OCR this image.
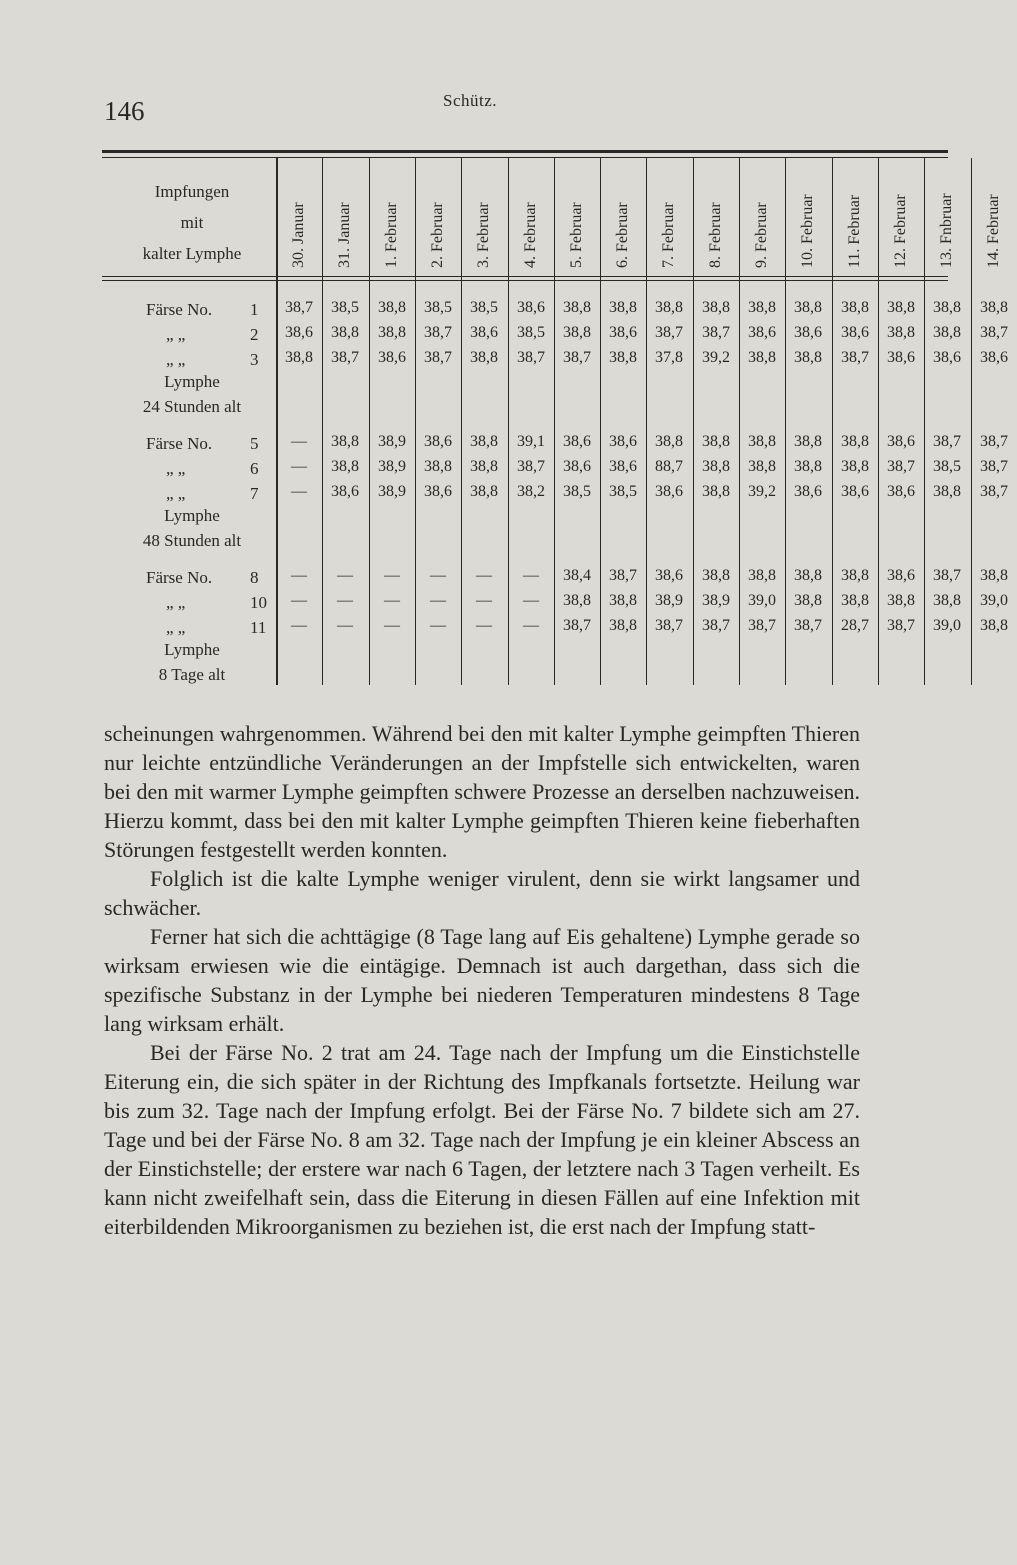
146	Schütz.
Impfungen
mit
kalter Lymphe	30. Januar 31. Januar 1. Februar 2. Februar 3. Februar 4. Februar 5. Februar 6. Februar 7. Februar 8. Februar 9. Februar 10. Februar 11. Februar 12. Februar 13. Fnbruar 14. Februar
Färse No. 1	38,7	38,5	38,8	38,5	38,5	38,6	38,8	38,8	38,8	38,8	38,8	38,8	38,8	38,8	38,8	38,8
„ „	2	38,6	38,8	38,8	38,7	38,6	38,5	38,8	38,6	38,7	38,7	38,6	38,6	38,6	38,8	38,8	38,7
„ „	3	38,8	38,7	38,6	38,7	38,8	38,7	38,7	38,8	37,8	39,2	38,8	38,8	38,7	38,6	38,6	38,6
Lymphe
24 Stunden alt
Färse No. 5	—	38,8	38,9	38,6	38,8	39,1	38,6	38,6	38,8	38,8	38,8	38,8	38,8	38,6	38,7	38,7
„ „	6	—	38,8	38,9	38,8	38,8	38,7	38,6	38,6	88,7	38,8	38,8	38,8	38,8	38,7	38,5	38,7
„ „	7	—	38,6	38,9	38,6	38,8	38,2	38,5	38,5	38,6	38,8	39,2	38,6	38,6	38,6	38,8	38,7
Lymphe
48 Stunden alt
Färse No. 8	—	—	—	—	—	—	38,4	38,7	38,6	38,8	38,8	38,8	38,8	38,6	38,7	38,8
„ „	10	—	—	—	—	—	—	38,8	38,8	38,9	38,9	39,0	38,8	38,8	38,8	38,8	39,0
„ „	11	—	—	—	—	—	—	38,7	38,8	38,7	38,7	38,7	38,7	28,7	38,7	39,0	38,8
Lymphe
8 Tage alt

scheinungen wahrgenommen. Während bei den mit kalter Lymphe geimpften Thieren nur leichte entzündliche Veränderungen an der Impfstelle sich entwickelten, waren bei den mit warmer Lymphe geimpften schwere Prozesse an derselben nachzuweisen. Hierzu kommt, dass bei den mit kalter Lymphe geimpften Thieren keine fieberhaften Störungen festgestellt werden konnten.

Folglich ist die kalte Lymphe weniger virulent, denn sie wirkt langsamer und schwächer.

Ferner hat sich die achttägige (8 Tage lang auf Eis gehaltene) Lymphe gerade so wirksam erwiesen wie die eintägige. Demnach ist auch dargethan, dass sich die spezifische Substanz in der Lymphe bei niederen Temperaturen mindestens 8 Tage lang wirksam erhält.

Bei der Färse No. 2 trat am 24. Tage nach der Impfung um die Einstichstelle Eiterung ein, die sich später in der Richtung des Impfkanals fortsetzte. Heilung war bis zum 32. Tage nach der Impfung erfolgt. Bei der Färse No. 7 bildete sich am 27. Tage und bei der Färse No. 8 am 32. Tage nach der Impfung je ein kleiner Abscess an der Einstichstelle; der erstere war nach 6 Tagen, der letztere nach 3 Tagen verheilt. Es kann nicht zweifelhaft sein, dass die Eiterung in diesen Fällen auf eine Infektion mit eiterbildenden Mikroorganismen zu beziehen ist, die erst nach der Impfung statt-
